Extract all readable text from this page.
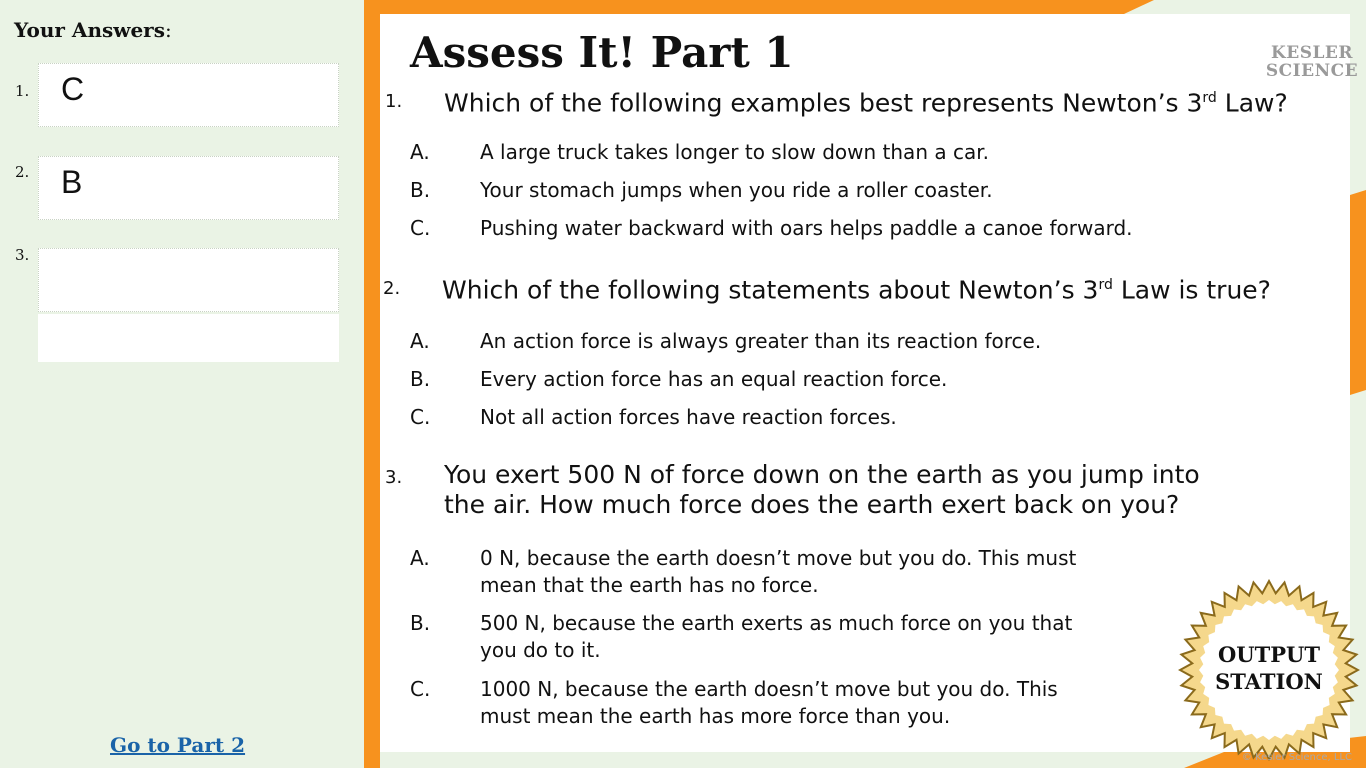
Your Answers:
1. C
2. B
3.
Go to Part 2
Assess It! Part 1	KESLER
SCIENCE
1. Which of the following examples best represents Newton’s 3rd Law?
A.	A large truck takes longer to slow down than a car.
B. Your stomach jumps when you ride a roller coaster.
C. Pushing water backward with oars helps paddle a canoe forward.
2. Which of the following statements about Newton’s 3rd Law is true?
A.	An action force is always greater than its reaction force.
B. Every action force has an equal reaction force.
C. Not all action forces have reaction forces.
3. You exert 500 N of force down on the earth as you jump into
the air. How much force does the earth exert back on you?
A.	0 N, because the earth doesn’t move but you do. This must
mean that the earth has no force.
B. 500 N, because the earth exerts as much force on you that
you do to it.
C. 1000 N, because the earth doesn’t move but you do. This
must mean the earth has more force than you.
OUTPUT
STATION
© Kesler Science, LLC
